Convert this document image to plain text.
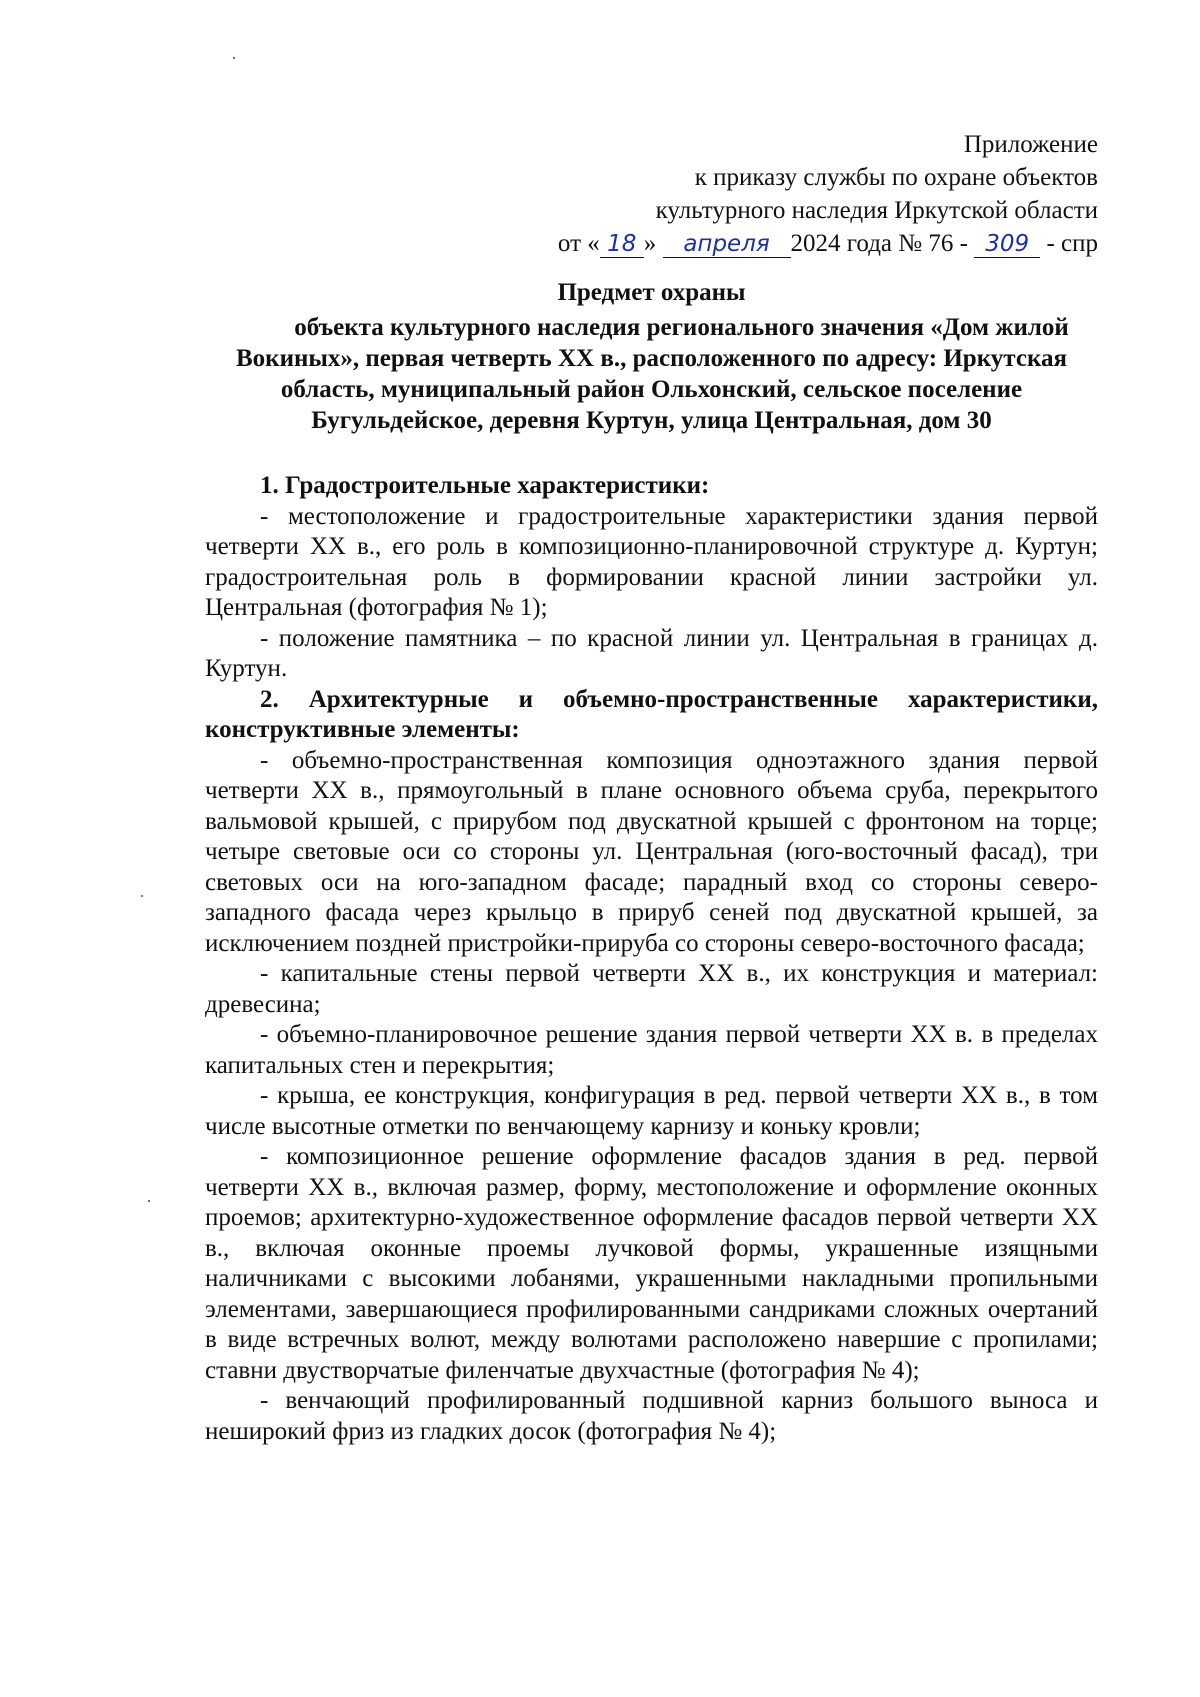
Приложение
к приказу службы по охране объектов
культурного наследия Иркутской области
от « 18 » апреля 2024 года № 76 - 309 - спр
Предмет охраны
объекта культурного наследия регионального значения «Дом жилой Вокиных», первая четверть XX в., расположенного по адресу: Иркутская область, муниципальный район Ольхонский, сельское поселение Бугульдейское, деревня Куртун, улица Центральная, дом 30
1. Градостроительные характеристики:

- местоположение и градостроительные характеристики здания первой четверти XX в., его роль в композиционно-планировочной структуре д. Куртун; градостроительная роль в формировании красной линии застройки ул. Центральная (фотография № 1);

- положение памятника – по красной линии ул. Центральная в границах д. Куртун.

2. Архитектурные и объемно-пространственные характеристики, конструктивные элементы:

- объемно-пространственная композиция одноэтажного здания первой четверти XX в., прямоугольный в плане основного объема сруба, перекрытого вальмовой крышей, с прирубом под двускатной крышей с фронтоном на торце; четыре световые оси со стороны ул. Центральная (юго-восточный фасад), три световых оси на юго-западном фасаде; парадный вход со стороны северо-западного фасада через крыльцо в прируб сеней под двускатной крышей, за исключением поздней пристройки-прируба со стороны северо-восточного фасада;

- капитальные стены первой четверти XX в., их конструкция и материал: древесина;

- объемно-планировочное решение здания первой четверти XX в. в пределах капитальных стен и перекрытия;

- крыша, ее конструкция, конфигурация в ред. первой четверти XX в., в том числе высотные отметки по венчающему карнизу и коньку кровли;

- композиционное решение оформление фасадов здания в ред. первой четверти XX в., включая размер, форму, местоположение и оформление оконных проемов; архитектурно-художественное оформление фасадов первой четверти XX в., включая оконные проемы лучковой формы, украшенные изящными наличниками с высокими лобанями, украшенными накладными пропильными элементами, завершающиеся профилированными сандриками сложных очертаний в виде встречных волют, между волютами расположено навершие с пропилами; ставни двустворчатые филенчатые двухчастные (фотография № 4);

- венчающий профилированный подшивной карниз большого выноса и неширокий фриз из гладких досок (фотография № 4);
